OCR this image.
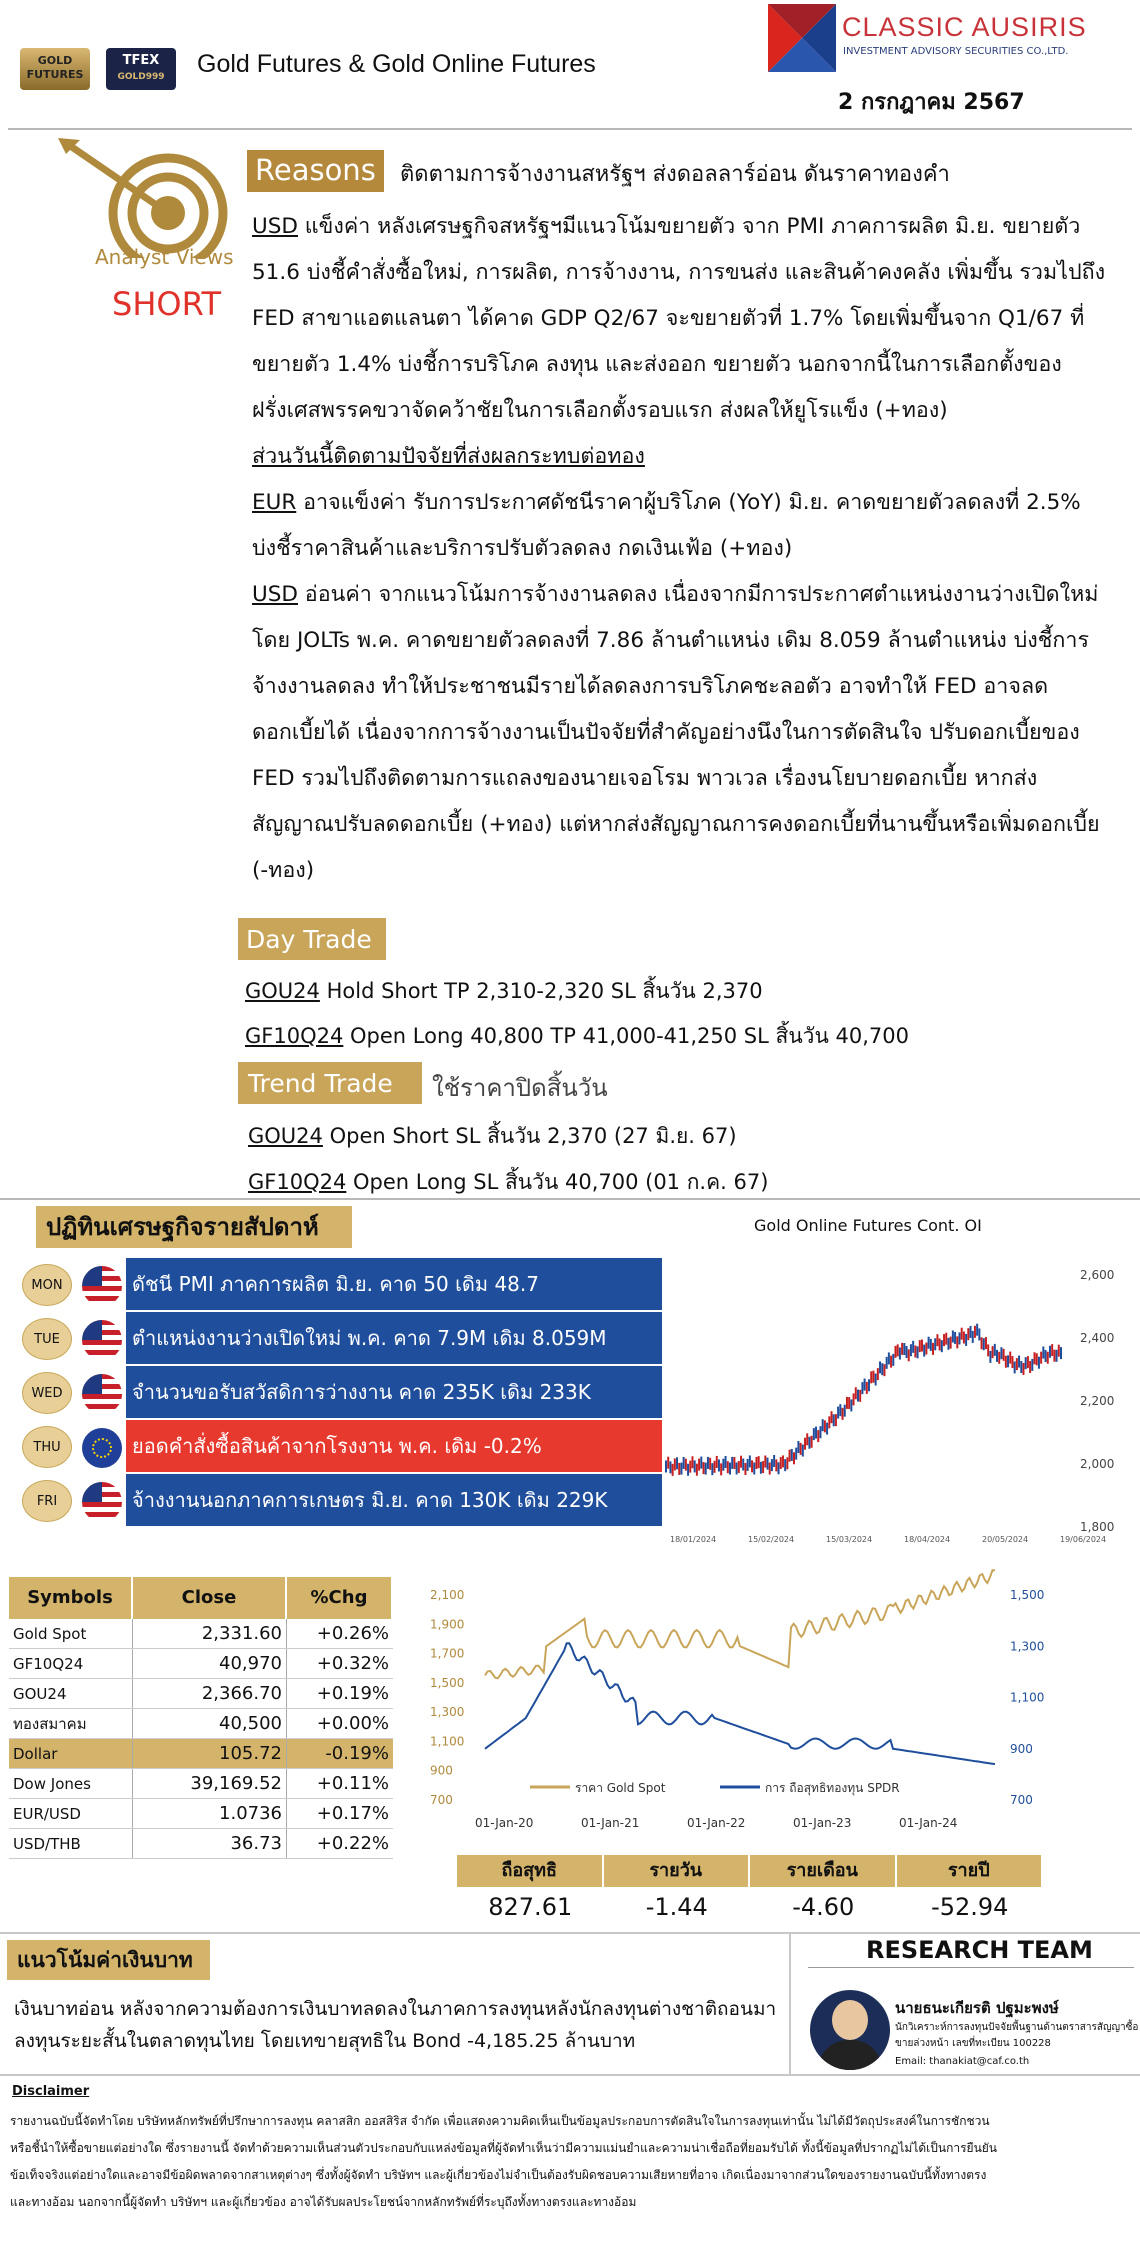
GOLD
FUTURES
TFEX
GOLD999	Gold Futures & Gold Online Futures
CLASSIC AUSIRIS
INVESTMENT ADVISORY SECURITIES CO.,LTD.
2 กรกฎาคม 2567
Analyst Views
SHORT
Reasons	ติดตามการจ้างงานสหรัฐฯ ส่งดอลลาร์อ่อน ดันราคาทองคำ
USD แข็งค่า หลังเศรษฐกิจสหรัฐฯมีแนวโน้มขยายตัว จาก PMI ภาคการผลิต มิ.ย. ขยายตัว
51.6 บ่งชี้คำสั่งซื้อใหม่, การผลิต, การจ้างงาน, การขนส่ง และสินค้าคงคลัง เพิ่มขึ้น รวมไปถึง
FED สาขาแอตแลนตา ได้คาด GDP Q2/67 จะขยายตัวที่ 1.7% โดยเพิ่มขึ้นจาก Q1/67 ที่
ขยายตัว 1.4% บ่งชี้การบริโภค ลงทุน และส่งออก ขยายตัว นอกจากนี้ในการเลือกตั้งของ
ฝรั่งเศสพรรคขวาจัดคว้าชัยในการเลือกตั้งรอบแรก ส่งผลให้ยูโรแข็ง (+ทอง)
ส่วนวันนี้ติดตามปัจจัยที่ส่งผลกระทบต่อทอง
EUR อาจแข็งค่า รับการประกาศดัชนีราคาผู้บริโภค (YoY) มิ.ย. คาดขยายตัวลดลงที่ 2.5%
บ่งชี้ราคาสินค้าและบริการปรับตัวลดลง กดเงินเฟ้อ (+ทอง)
USD อ่อนค่า จากแนวโน้มการจ้างงานลดลง เนื่องจากมีการประกาศตำแหน่งงานว่างเปิดใหม่
โดย JOLTs พ.ค. คาดขยายตัวลดลงที่ 7.86 ล้านตำแหน่ง เดิม 8.059 ล้านตำแหน่ง บ่งชี้การ
จ้างงานลดลง ทำให้ประชาชนมีรายได้ลดลงการบริโภคชะลอตัว อาจทำให้ FED อาจลด
ดอกเบี้ยได้ เนื่องจากการจ้างงานเป็นปัจจัยที่สำคัญอย่างนึงในการตัดสินใจ ปรับดอกเบี้ยของ
FED รวมไปถึงติดตามการแถลงของนายเจอโรม พาวเวล เรื่องนโยบายดอกเบี้ย หากส่ง
สัญญาณปรับลดดอกเบี้ย (+ทอง) แต่หากส่งสัญญาณการคงดอกเบี้ยที่นานขึ้นหรือเพิ่มดอกเบี้ย
(-ทอง)
Day Trade
GOU24 Hold Short TP 2,310-2,320 SL สิ้นวัน 2,370
GF10Q24 Open Long 40,800 TP 41,000-41,250 SL สิ้นวัน 40,700
Trend Trade	ใช้ราคาปิดสิ้นวัน
GOU24 Open Short SL สิ้นวัน 2,370 (27 มิ.ย. 67)
GF10Q24 Open Long SL สิ้นวัน 40,700 (01 ก.ค. 67)
ปฏิทินเศรษฐกิจรายสัปดาห์
MON	ดัชนี PMI ภาคการผลิต มิ.ย. คาด 50 เดิม 48.7
TUE	ตำแหน่งงานว่างเปิดใหม่ พ.ค. คาด 7.9M เดิม 8.059M
WED	จำนวนขอรับสวัสดิการว่างงาน คาด 235K เดิม 233K
THU	ยอดคำสั่งซื้อสินค้าจากโรงงาน พ.ค. เดิม -0.2%
FRI	จ้างงานนอกภาคการเกษตร มิ.ย. คาด 130K เดิม 229K
Gold Online Futures Cont. OI
2,600
2,400
2,200
2,000
1,800
18/01/2024	15/02/2024	15/03/2024	18/04/2024	20/05/2024	19/06/2024
Symbols	Close	%Chg
Gold Spot	2,331.60	+0.26%
GF10Q24	40,970	+0.32%
GOU24	2,366.70	+0.19%
ทองสมาคม	40,500	+0.00%
Dollar	105.72	-0.19%
Dow Jones	39,169.52	+0.11%
EUR/USD	1.0736	+0.17%
USD/THB	36.73	+0.22%
2,100
1,900
1,700
1,500
1,300
1,100
900
700
1,500
1,300
1,100
900
700
01-Jan-20	01-Jan-21	01-Jan-22	01-Jan-23	01-Jan-24
ราคา Gold Spot	การ ถือสุทธิทองทุน SPDR
ถือสุทธิ	รายวัน	รายเดือน	รายปี
827.61	-1.44	-4.60	-52.94
แนวโน้มค่าเงินบาท
เงินบาทอ่อน หลังจากความต้องการเงินบาทลดลงในภาคการลงทุนหลังนักลงทุนต่างชาติถอนมา
ลงทุนระยะสั้นในตลาดทุนไทย โดยเทขายสุทธิใน Bond -4,185.25 ล้านบาท
RESEARCH TEAM
นายธนะเกียรติ ปฐมะพงษ์
นักวิเคราะห์การลงทุนปัจจัยพื้นฐานด้านตราสารสัญญาซื้อ
ขายล่วงหน้า เลขที่ทะเบียน 100228
Email: thanakiat@caf.co.th
Disclaimer
รายงานฉบับนี้จัดทำโดย บริษัทหลักทรัพย์ที่ปรึกษาการลงทุน คลาสสิก ออสสิริส จำกัด เพื่อแสดงความคิดเห็นเป็นข้อมูลประกอบการตัดสินใจในการลงทุนเท่านั้น ไม่ได้มีวัตถุประสงค์ในการชักชวน
หรือชี้นำให้ซื้อขายแต่อย่างใด ซึ่งรายงานนี้ จัดทำด้วยความเห็นส่วนตัวประกอบกับแหล่งข้อมูลที่ผู้จัดทำเห็นว่ามีความแม่นยำและความน่าเชื่อถือที่ยอมรับได้ ทั้งนี้ข้อมูลที่ปรากฏไม่ได้เป็นการยืนยัน
ข้อเท็จจริงแต่อย่างใดและอาจมีข้อผิดพลาดจากสาเหตุต่างๆ ซึ่งทั้งผู้จัดทำ บริษัทฯ และผู้เกี่ยวข้องไม่จำเป็นต้องรับผิดชอบความเสียหายที่อาจ เกิดเนื่องมาจากส่วนใดของรายงานฉบับนี้ทั้งทางตรง
และทางอ้อม นอกจากนี้ผู้จัดทำ บริษัทฯ และผู้เกี่ยวข้อง อาจได้รับผลประโยชน์จากหลักทรัพย์ที่ระบุถึงทั้งทางตรงและทางอ้อม
